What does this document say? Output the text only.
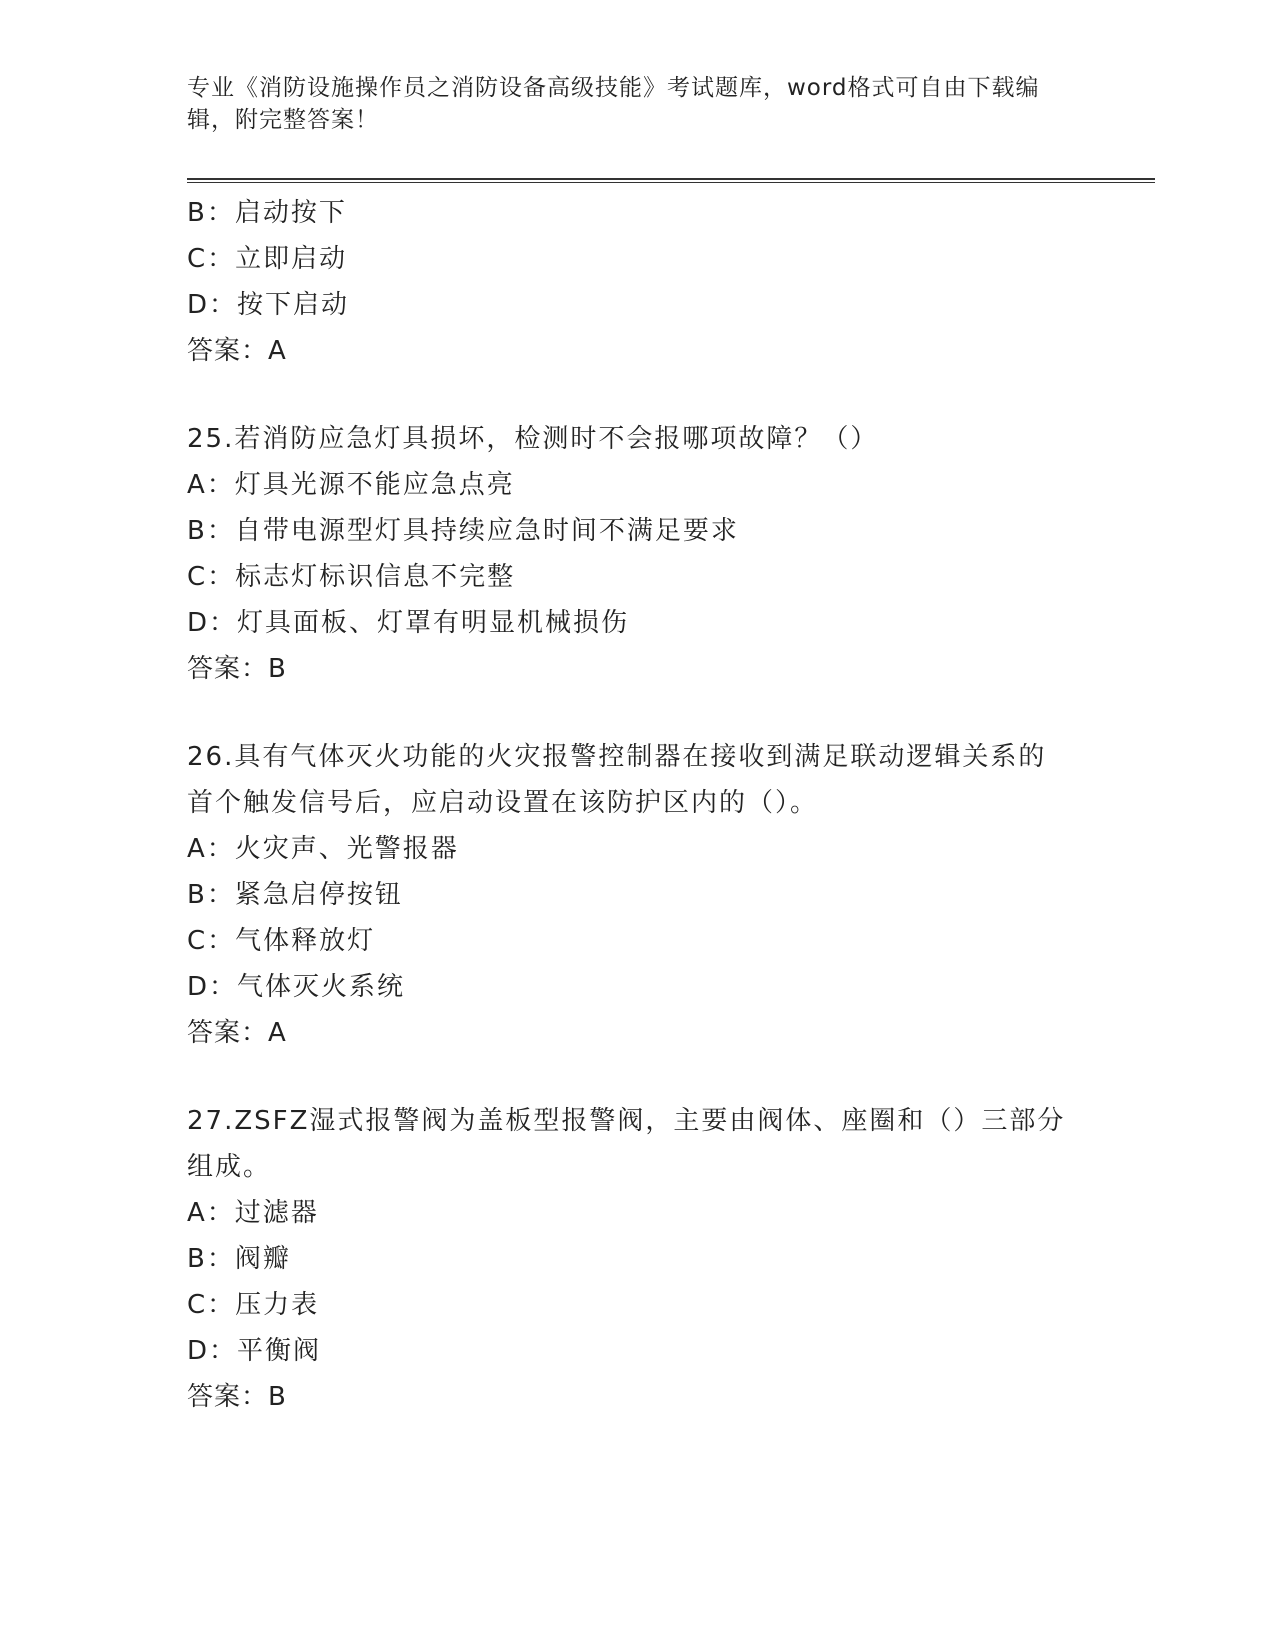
专业《消防设施操作员之消防设备高级技能》考试题库，word格式可自由下载编
辑，附完整答案！
B：启动按下
C：立即启动
D：按下启动
答案：A
25.若消防应急灯具损坏，检测时不会报哪项故障？（）
A：灯具光源不能应急点亮
B：自带电源型灯具持续应急时间不满足要求
C：标志灯标识信息不完整
D：灯具面板、灯罩有明显机械损伤
答案：B
26.具有气体灭火功能的火灾报警控制器在接收到满足联动逻辑关系的
首个触发信号后，应启动设置在该防护区内的（）。
A：火灾声、光警报器
B：紧急启停按钮
C：气体释放灯
D：气体灭火系统
答案：A
27.ZSFZ湿式报警阀为盖板型报警阀，主要由阀体、座圈和（）三部分
组成。
A：过滤器
B：阀瓣
C：压力表
D：平衡阀
答案：B
